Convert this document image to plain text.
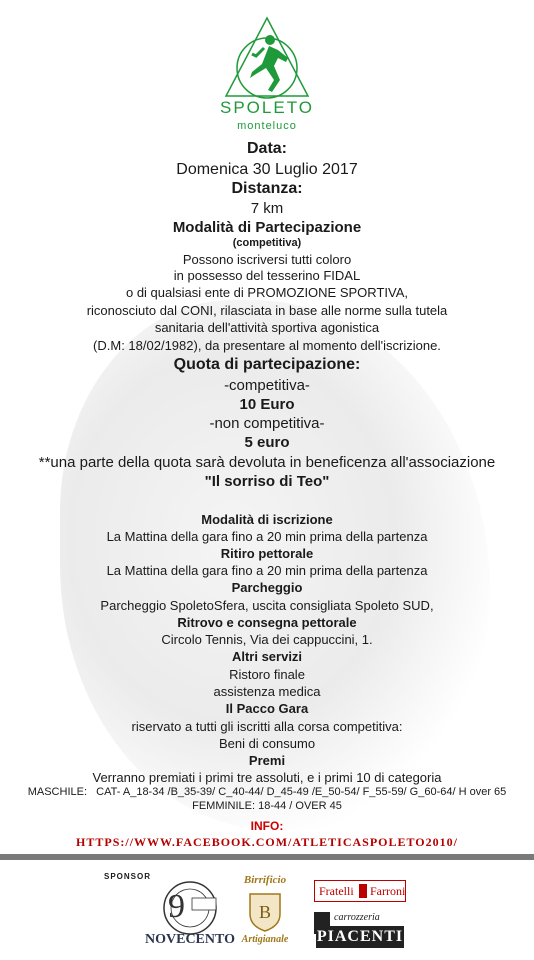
SPOLETO
monteluco
Data:
Domenica 30 Luglio 2017
Distanza:
7 km
Modalità di Partecipazione
(competitiva)
Possono iscriversi tutti coloro
in possesso del tesserino FIDAL
o di qualsiasi ente di PROMOZIONE SPORTIVA,
riconosciuto dal CONI, rilasciata in base alle norme sulla tutela
sanitaria dell'attività sportiva agonistica
(D.M: 18/02/1982), da presentare al momento dell'iscrizione.
Quota di partecipazione:
-competitiva-
10 Euro
-non competitiva-
5 euro
**una parte della quota sarà devoluta in beneficenza all'associazione
"Il sorriso di Teo"
Modalità di iscrizione
La Mattina della gara fino a 20 min prima della partenza
Ritiro pettorale
La Mattina della gara fino a 20 min prima della partenza
Parcheggio
Parcheggio SpoletoSfera, uscita consigliata Spoleto SUD,
Ritrovo e consegna pettorale
Circolo Tennis, Via dei cappuccini, 1.
Altri servizi
Ristoro finale
assistenza medica
Il Pacco Gara
riservato a tutti gli iscritti alla corsa competitiva:
Beni di consumo
Premi
Verranno premiati i primi tre assoluti, e i primi 10 di categoria
MASCHILE:   CAT- A_18-34 /B_35-39/ C_40-44/ D_45-49 /E_50-54/ F_55-59/ G_60-64/ H over 65
FEMMINILE: 18-44 / OVER 45
INFO:
HTTPS://WWW.FACEBOOK.COM/ATLETICASPOLETO2010/
SPONSOR
9
NOVECENTO
Birrificio
B
Artigianale
Fratelli Farroni
carrozzeria
PIACENTI
